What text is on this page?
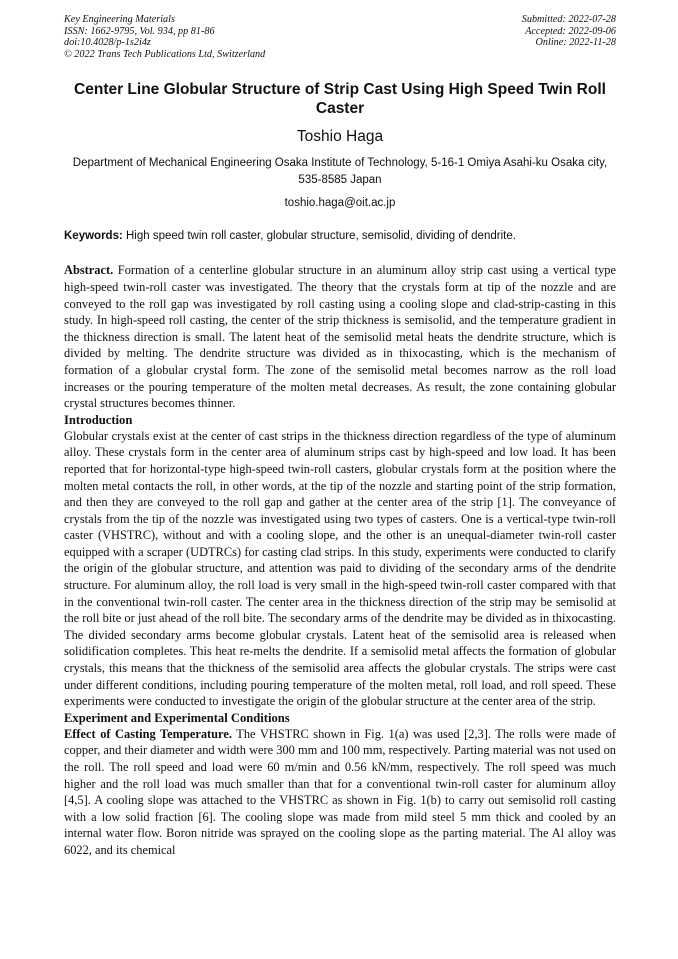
Key Engineering Materials
ISSN: 1662-9795, Vol. 934, pp 81-86
doi:10.4028/p-1s2i4z
© 2022 Trans Tech Publications Ltd, Switzerland
Submitted: 2022-07-28
Accepted: 2022-09-06
Online: 2022-11-28
Center Line Globular Structure of Strip Cast Using High Speed Twin Roll Caster
Toshio Haga
Department of Mechanical Engineering Osaka Institute of Technology, 5-16-1 Omiya Asahi-ku Osaka city, 535-8585 Japan
toshio.haga@oit.ac.jp
Keywords: High speed twin roll caster, globular structure, semisolid, dividing of dendrite.

Abstract. Formation of a centerline globular structure in an aluminum alloy strip cast using a vertical type high-speed twin-roll caster was investigated. The theory that the crystals form at tip of the nozzle and are conveyed to the roll gap was investigated by roll casting using a cooling slope and clad-strip-casting in this study. In high-speed roll casting, the center of the strip thickness is semisolid, and the temperature gradient in the thickness direction is small. The latent heat of the semisolid metal heats the dendrite structure, which is divided by melting. The dendrite structure was divided as in thixocasting, which is the mechanism of formation of a globular crystal form. The zone of the semisolid metal becomes narrow as the roll load increases or the pouring temperature of the molten metal decreases. As result, the zone containing globular crystal structures becomes thinner.

Introduction

Globular crystals exist at the center of cast strips in the thickness direction regardless of the type of aluminum alloy. These crystals form in the center area of aluminum strips cast by high-speed and low load. It has been reported that for horizontal-type high-speed twin-roll casters, globular crystals form at the position where the molten metal contacts the roll, in other words, at the tip of the nozzle and starting point of the strip formation, and then they are conveyed to the roll gap and gather at the center area of the strip [1]. The conveyance of crystals from the tip of the nozzle was investigated using two types of casters. One is a vertical-type twin-roll caster (VHSTRC), without and with a cooling slope, and the other is an unequal-diameter twin-roll caster equipped with a scraper (UDTRCs) for casting clad strips. In this study, experiments were conducted to clarify the origin of the globular structure, and attention was paid to dividing of the secondary arms of the dendrite structure. For aluminum alloy, the roll load is very small in the high-speed twin-roll caster compared with that in the conventional twin-roll caster. The center area in the thickness direction of the strip may be semisolid at the roll bite or just ahead of the roll bite. The secondary arms of the dendrite may be divided as in thixocasting. The divided secondary arms become globular crystals. Latent heat of the semisolid area is released when solidification completes. This heat re-melts the dendrite. If a semisolid metal affects the formation of globular crystals, this means that the thickness of the semisolid area affects the globular crystals. The strips were cast under different conditions, including pouring temperature of the molten metal, roll load, and roll speed. These experiments were conducted to investigate the origin of the globular structure at the center area of the strip.

Experiment and Experimental Conditions

Effect of Casting Temperature. The VHSTRC shown in Fig. 1(a) was used [2,3]. The rolls were made of copper, and their diameter and width were 300 mm and 100 mm, respectively. Parting material was not used on the roll. The roll speed and load were 60 m/min and 0.56 kN/mm, respectively. The roll speed was much higher and the roll load was much smaller than that for a conventional twin-roll caster for aluminum alloy [4,5]. A cooling slope was attached to the VHSTRC as shown in Fig. 1(b) to carry out semisolid roll casting with a low solid fraction [6]. The cooling slope was made from mild steel 5 mm thick and cooled by an internal water flow. Boron nitride was sprayed on the cooling slope as the parting material. The Al alloy was 6022, and its chemical
